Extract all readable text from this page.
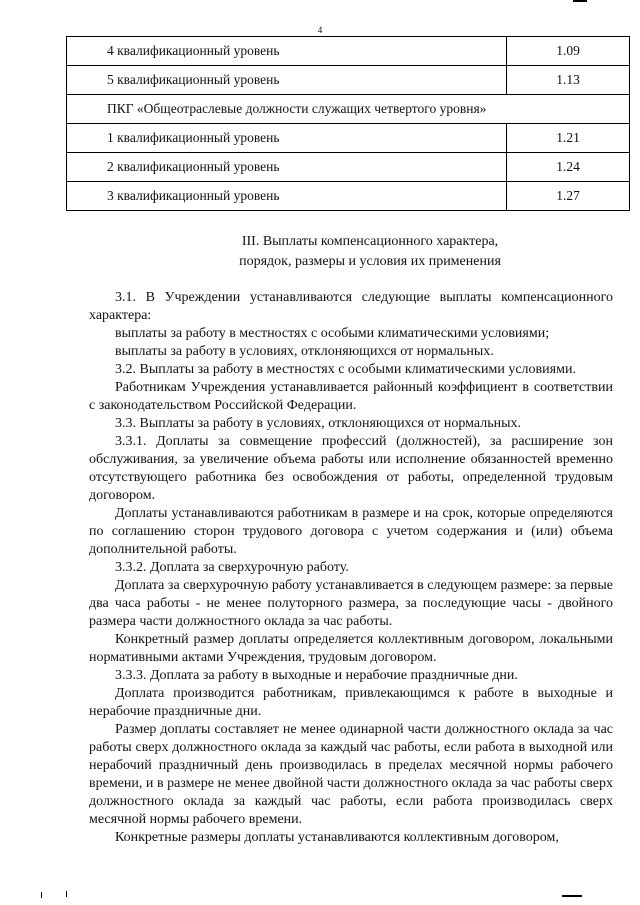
4
4 квалификационный уровень	1.09
5 квалификационный уровень	1.13
ПКГ «Общеотраслевые должности служащих четвертого уровня»	
1 квалификационный уровень	1.21
2 квалификационный уровень	1.24
3 квалификационный уровень	1.27
III. Выплаты компенсационного характера,
порядок, размеры и условия их применения

3.1. В Учреждении устанавливаются следующие выплаты компенсационного характера:

выплаты за работу в местностях с особыми климатическими условиями;

выплаты за работу в условиях, отклоняющихся от нормальных.

3.2. Выплаты за работу в местностях с особыми климатическими условиями.

Работникам Учреждения устанавливается районный коэффициент в соответствии с законодательством Российской Федерации.

3.3. Выплаты за работу в условиях, отклоняющихся от нормальных.

3.3.1. Доплаты за совмещение профессий (должностей), за расширение зон обслуживания, за увеличение объема работы или исполнение обязанностей временно отсутствующего работника без освобождения от работы, определенной трудовым договором.

Доплаты устанавливаются работникам в размере и на срок, которые определяются по соглашению сторон трудового договора с учетом содержания и (или) объема дополнительной работы.

3.3.2. Доплата за сверхурочную работу.

Доплата за сверхурочную работу устанавливается в следующем размере: за первые два часа работы - не менее полуторного размера, за последующие часы - двойного размера части должностного оклада за час работы.

Конкретный размер доплаты определяется коллективным договором, локальными нормативными актами Учреждения, трудовым договором.

3.3.3. Доплата за работу в выходные и нерабочие праздничные дни.

Доплата производится работникам, привлекающимся к работе в выходные и нерабочие праздничные дни.

Размер доплаты составляет не менее одинарной части должностного оклада за час работы сверх должностного оклада за каждый час работы, если работа в выходной или нерабочий праздничный день производилась в пределах месячной нормы рабочего времени, и в размере не менее двойной части должностного оклада за час работы сверх должностного оклада за каждый час работы, если работа производилась сверх месячной нормы рабочего времени.

Конкретные размеры доплаты устанавливаются коллективным договором,
